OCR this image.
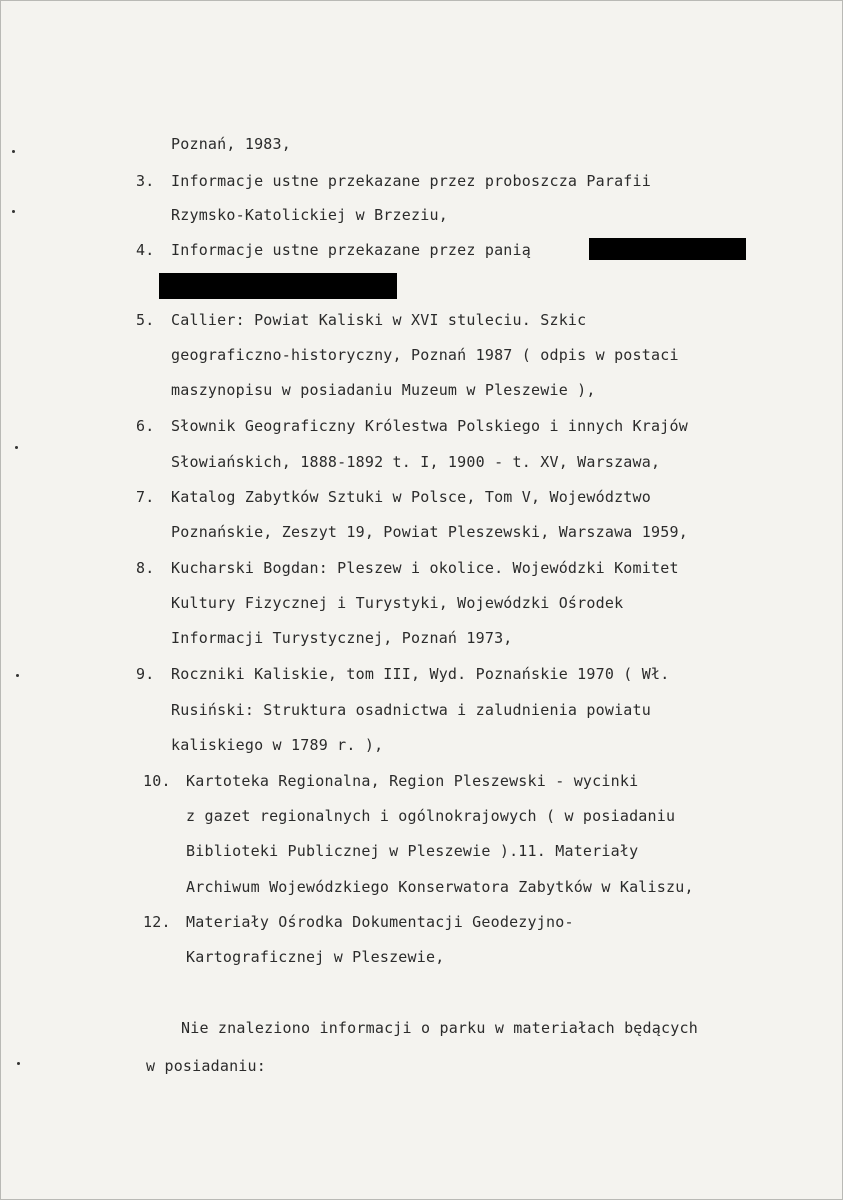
Poznań, 1983,
3. Informacje ustne przekazane przez proboszcza Parafii
Rzymsko-Katolickiej w Brzeziu,
4. Informacje ustne przekazane przez panią
5. Callier: Powiat Kaliski w XVI stuleciu. Szkic
geograficzno-historyczny, Poznań 1987 ( odpis w postaci
maszynopisu w posiadaniu Muzeum w Pleszewie ),
6. Słownik Geograficzny Królestwa Polskiego i innych Krajów
Słowiańskich, 1888-1892 t. I, 1900 - t. XV, Warszawa,
7. Katalog Zabytków Sztuki w Polsce, Tom V, Województwo
Poznańskie, Zeszyt 19, Powiat Pleszewski, Warszawa 1959,
8. Kucharski Bogdan: Pleszew i okolice. Wojewódzki Komitet
Kultury Fizycznej i Turystyki, Wojewódzki Ośrodek
Informacji Turystycznej, Poznań 1973,
9. Roczniki Kaliskie, tom III, Wyd. Poznańskie 1970 ( Wł.
Rusiński: Struktura osadnictwa i zaludnienia powiatu
kaliskiego w 1789 r. ),
10. Kartoteka Regionalna, Region Pleszewski - wycinki
z gazet regionalnych i ogólnokrajowych ( w posiadaniu
Biblioteki Publicznej w Pleszewie ).11. Materiały
Archiwum Wojewódzkiego Konserwatora Zabytków w Kaliszu,
12. Materiały Ośrodka Dokumentacji Geodezyjno-
Kartograficznej w Pleszewie,
Nie znaleziono informacji o parku w materiałach będących
w posiadaniu:
